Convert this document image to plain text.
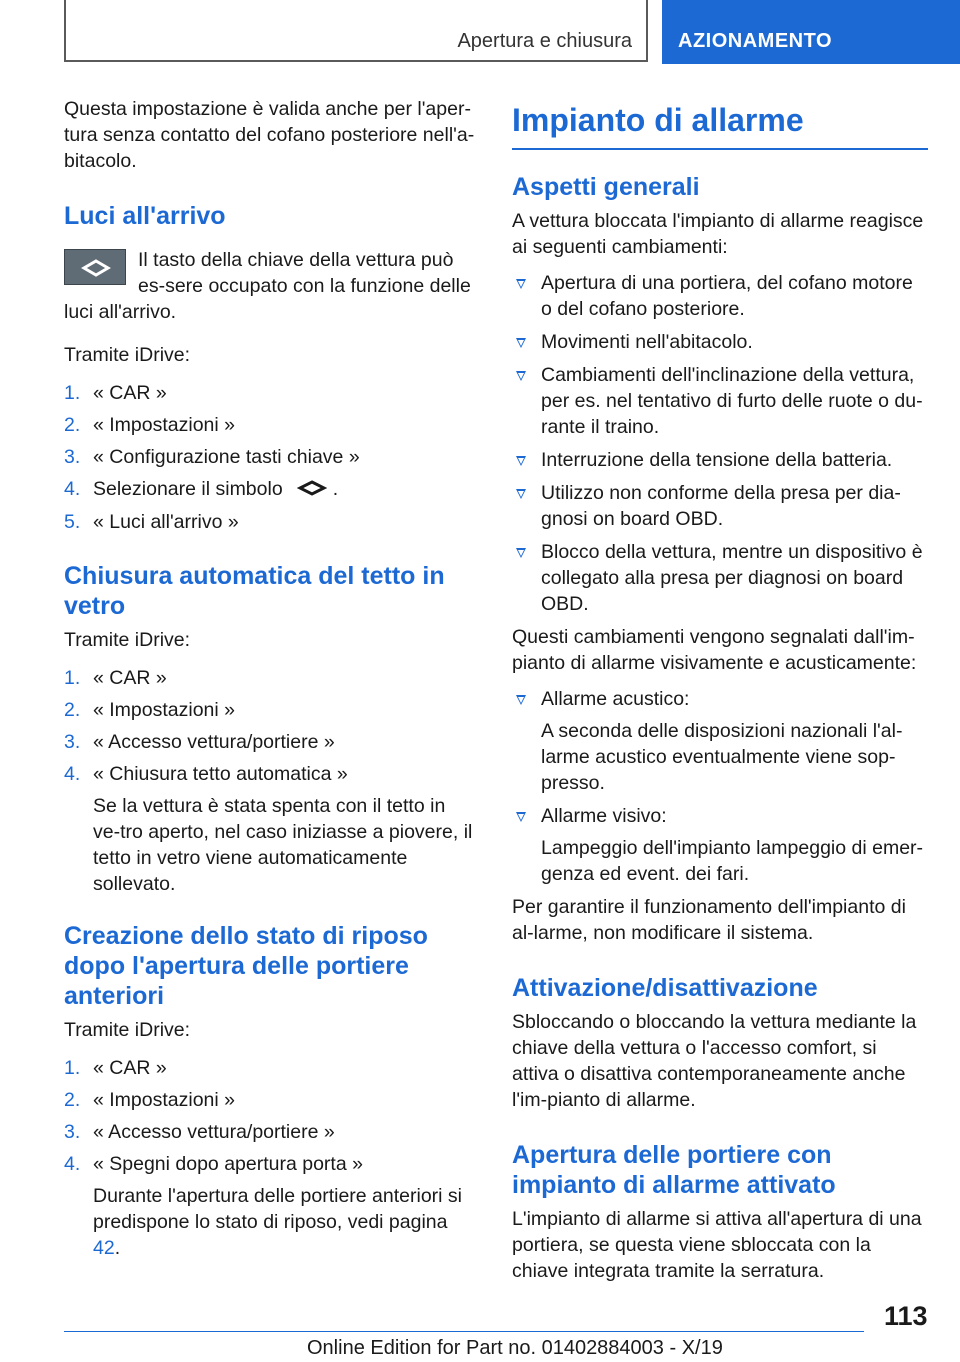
Apertura e chiusura AZIONAMENTO

Questa impostazione è valida anche per l'aper-tura senza contatto del cofano posteriore nell'a-bitacolo.

Luci all'arrivo

Il tasto della chiave della vettura può es-sere occupato con la funzione delle luci all'arrivo.

Tramite iDrive:

1. « CAR »
2. « Impostazioni »
3. « Configurazione tasti chiave »
4. Selezionare il simbolo	.
5. « Luci all'arrivo »
Chiusura automatica del tetto in vetro

Tramite iDrive:

1. « CAR »
2. « Impostazioni »
3. « Accesso vettura/portiere »
4. « Chiusura tetto automatica »
Se la vettura è stata spenta con il tetto in ve-tro aperto, nel caso iniziasse a piovere, il tetto in vetro viene automaticamente sollevato.
Creazione dello stato di riposo dopo l'apertura delle portiere anteriori

Tramite iDrive:

1. « CAR »
2. « Impostazioni »
3. « Accesso vettura/portiere »
4. « Spegni dopo apertura porta »
Durante l'apertura delle portiere anteriori si predispone lo stato di riposo, vedi pagina 42.
Impianto di allarme
Aspetti generali

A vettura bloccata l'impianto di allarme reagisce ai seguenti cambiamenti:

Apertura di una portiera, del cofano motore o del cofano posteriore.
Movimenti nell'abitacolo.
Cambiamenti dell'inclinazione della vettura, per es. nel tentativo di furto delle ruote o du-rante il traino.
Interruzione della tensione della batteria.
Utilizzo non conforme della presa per dia-gnosi on board OBD.
Blocco della vettura, mentre un dispositivo è collegato alla presa per diagnosi on board OBD.

Questi cambiamenti vengono segnalati dall'im-pianto di allarme visivamente e acusticamente:

Allarme acustico:
A seconda delle disposizioni nazionali l'al-larme acustico eventualmente viene sop-presso.
Allarme visivo:
Lampeggio dell'impianto lampeggio di emer-genza ed event. dei fari.

Per garantire il funzionamento dell'impianto di al-larme, non modificare il sistema.

Attivazione/disattivazione

Sbloccando o bloccando la vettura mediante la chiave della vettura o l'accesso comfort, si attiva o disattiva contemporaneamente anche l'im-pianto di allarme.

Apertura delle portiere con impianto di allarme attivato

L'impianto di allarme si attiva all'apertura di una portiera, se questa viene sbloccata con la chiave integrata tramite la serratura.

113
Online Edition for Part no. 01402884003 - X/19
